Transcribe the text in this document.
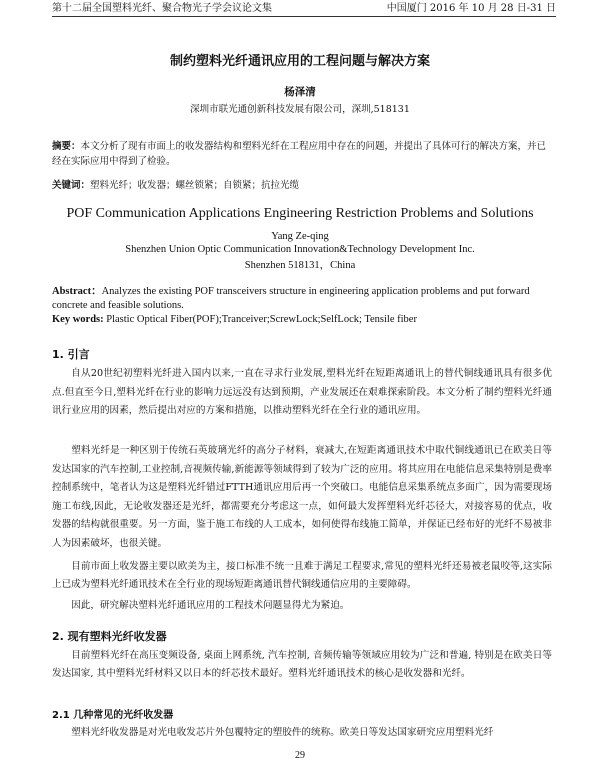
第十二届全国塑料光纤、聚合物光子学会议论文集	中国厦门 2016 年 10 月 28 日-31 日
制约塑料光纤通讯应用的工程问题与解决方案
杨泽清
深圳市联光通创新科技发展有限公司，深圳,518131
摘要：本文分析了现有市面上的收发器结构和塑料光纤在工程应用中存在的问题，并提出了具体可行的解决方案，并已经在实际应用中得到了检验。
关键词：塑料光纤；收发器；螺丝锁紧；自锁紧；抗拉光缆
POF Communication Applications Engineering Restriction Problems and Solutions
Yang Ze-qing
Shenzhen Union Optic Communication Innovation&Technology Development Inc.
Shenzhen 518131，China
Abstract：Analyzes the existing POF transceivers structure in engineering application problems and put forward concrete and feasible solutions.
Key words: Plastic Optical Fiber(POF);Tranceiver;ScrewLock;SelfLock; Tensile fiber
1. 引言
自从20世纪初塑料光纤进入国内以来,一直在寻求行业发展,塑料光纤在短距离通讯上的替代铜线通讯具有很多优点.但直至今日,塑料光纤在行业的影响力远远没有达到预期，产业发展还在艰难探索阶段。本文分析了制约塑料光纤通讯行业应用的因素，然后提出对应的方案和措施，以推动塑料光纤在全行业的通讯应用。
塑料光纤是一种区别于传统石英玻璃光纤的高分子材料，衰减大,在短距离通讯技术中取代铜线通讯已在欧美日等发达国家的汽车控制,工业控制,音视频传输,新能源等领域得到了较为广泛的应用。将其应用在电能信息采集特别是费率控制系统中，笔者认为这是塑料光纤错过FTTH通讯应用后再一个突破口。电能信息采集系统点多面广，因为需要现场施工布线,因此，无论收发器还是光纤，都需要充分考虑这一点，如何最大发挥塑料光纤芯径大，对接容易的优点，收发器的结构就很重要。另一方面，鉴于施工布线的人工成本，如何使得布线施工简单，并保证已经布好的光纤不易被非人为因素破坏，也很关键。
目前市面上收发器主要以欧美为主，接口标准不统一且难于满足工程要求,常见的塑料光纤还易被老鼠咬等,这实际上已成为塑料光纤通讯技术在全行业的现场短距离通讯替代铜线通信应用的主要障碍。
因此，研究解决塑料光纤通讯应用的工程技术问题显得尤为紧迫。
2. 现有塑料光纤收发器
目前塑料光纤在高压变频设备, 桌面上网系统, 汽车控制, 音频传输等领域应用较为广泛和普遍, 特别是在欧美日等发达国家, 其中塑料光纤材料又以日本的纤芯技术最好。塑料光纤通讯技术的核心是收发器和光纤。
2.1 几种常见的光纤收发器
塑料光纤收发器是对光电收发芯片外包覆特定的塑胶件的统称。欧美日等发达国家研究应用塑料光纤
29
